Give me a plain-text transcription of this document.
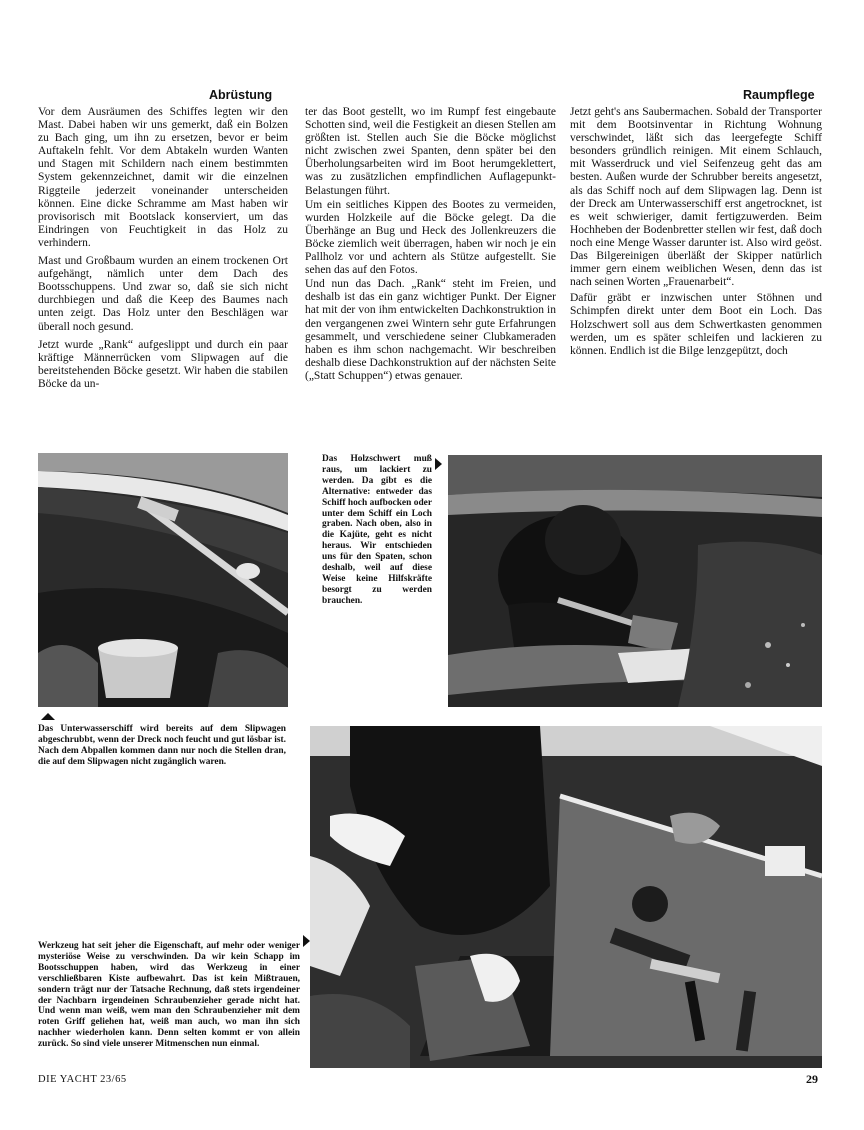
Abrüstung	Raumpflege

Vor dem Ausräumen des Schiffes legten wir den Mast. Dabei haben wir uns gemerkt, daß ein Bolzen zu Bach ging, um ihn zu ersetzen, bevor er beim Auftakeln fehlt. Vor dem Abtakeln wurden Wanten und Stagen mit Schildern nach einem bestimmten System gekennzeichnet, damit wir die einzelnen Riggteile jederzeit voneinander unterscheiden können. Eine dicke Schramme am Mast haben wir provisorisch mit Bootslack konserviert, um das Eindringen von Feuchtigkeit in das Holz zu verhindern.

Mast und Großbaum wurden an einem trockenen Ort aufgehängt, nämlich unter dem Dach des Bootsschuppens. Und zwar so, daß sie sich nicht durchbiegen und daß die Keep des Baumes nach unten zeigt. Das Holz unter den Beschlägen war überall noch gesund.

Jetzt wurde „Rank“ aufgeslippt und durch ein paar kräftige Männerrücken vom Slipwagen auf die bereitstehenden Böcke gesetzt. Wir haben die stabilen Böcke da un-

ter das Boot gestellt, wo im Rumpf fest eingebaute Schotten sind, weil die Festigkeit an diesen Stellen am größten ist. Stellen auch Sie die Böcke möglichst nicht zwischen zwei Spanten, denn später bei den Überholungsarbeiten wird im Boot herumgeklettert, was zu zusätzlichen empfindlichen Auflagepunkt-Belastungen führt.

Um ein seitliches Kippen des Bootes zu vermeiden, wurden Holzkeile auf die Böcke gelegt. Da die Überhänge an Bug und Heck des Jollenkreuzers die Böcke ziemlich weit überragen, haben wir noch je ein Pallholz vor und achtern als Stütze aufgestellt. Sie sehen das auf den Fotos.

Und nun das Dach. „Rank“ steht im Freien, und deshalb ist das ein ganz wichtiger Punkt. Der Eigner hat mit der von ihm entwickelten Dachkonstruktion in den vergangenen zwei Wintern sehr gute Erfahrungen gesammelt, und verschiedene seiner Clubkameraden haben es ihm schon nachgemacht. Wir beschreiben deshalb diese Dachkonstruktion auf der nächsten Seite („Statt Schuppen“) etwas genauer.

Jetzt geht's ans Saubermachen. Sobald der Transporter mit dem Bootsinventar in Richtung Wohnung verschwindet, läßt sich das leergefegte Schiff besonders gründlich reinigen. Mit einem Schlauch, mit Wasserdruck und viel Seifenzeug geht das am besten. Außen wurde der Schrubber bereits angesetzt, als das Schiff noch auf dem Slipwagen lag. Denn ist der Dreck am Unterwasserschiff erst angetrocknet, ist es weit schwieriger, damit fertigzuwerden. Beim Hochheben der Bodenbretter stellen wir fest, daß doch noch eine Menge Wasser darunter ist. Also wird geöst. Das Bilgereinigen überläßt der Skipper natürlich immer gern einem weiblichen Wesen, denn das ist nach seinen Worten „Frauenarbeit“.

Dafür gräbt er inzwischen unter Stöhnen und Schimpfen direkt unter dem Boot ein Loch. Das Holzschwert soll aus dem Schwertkasten genommen werden, um es später schleifen und lackieren zu können. Endlich ist die Bilge lenzgepützt, doch

Das Unterwasserschiff wird bereits auf dem Slipwagen abgeschrubbt, wenn der Dreck noch feucht und gut lösbar ist. Nach dem Abpallen kommen dann nur noch die Stellen dran, die auf dem Slipwagen nicht zugänglich waren.
Das Holzschwert muß raus, um lackiert zu werden. Da gibt es die Alternative: entweder das Schiff hoch aufbocken oder unter dem Schiff ein Loch graben. Nach oben, also in die Kajüte, geht es nicht heraus. Wir entschieden uns für den Spaten, schon deshalb, weil auf diese Weise keine Hilfskräfte besorgt zu werden brauchen.
Werkzeug hat seit jeher die Eigenschaft, auf mehr oder weniger mysteriöse Weise zu verschwinden. Da wir kein Schapp im Bootsschuppen haben, wird das Werkzeug in einer verschließbaren Kiste aufbewahrt. Das ist kein Mißtrauen, sondern trägt nur der Tatsache Rechnung, daß stets irgendeiner der Nachbarn irgendeinen Schraubenzieher gerade nicht hat. Und wenn man weiß, wem man den Schraubenzieher mit dem roten Griff geliehen hat, weiß man auch, wo man ihn sich nachher wiederholen kann. Denn selten kommt er von allein zurück. So sind viele unserer Mitmenschen nun einmal.
DIE YACHT 23/65	29
